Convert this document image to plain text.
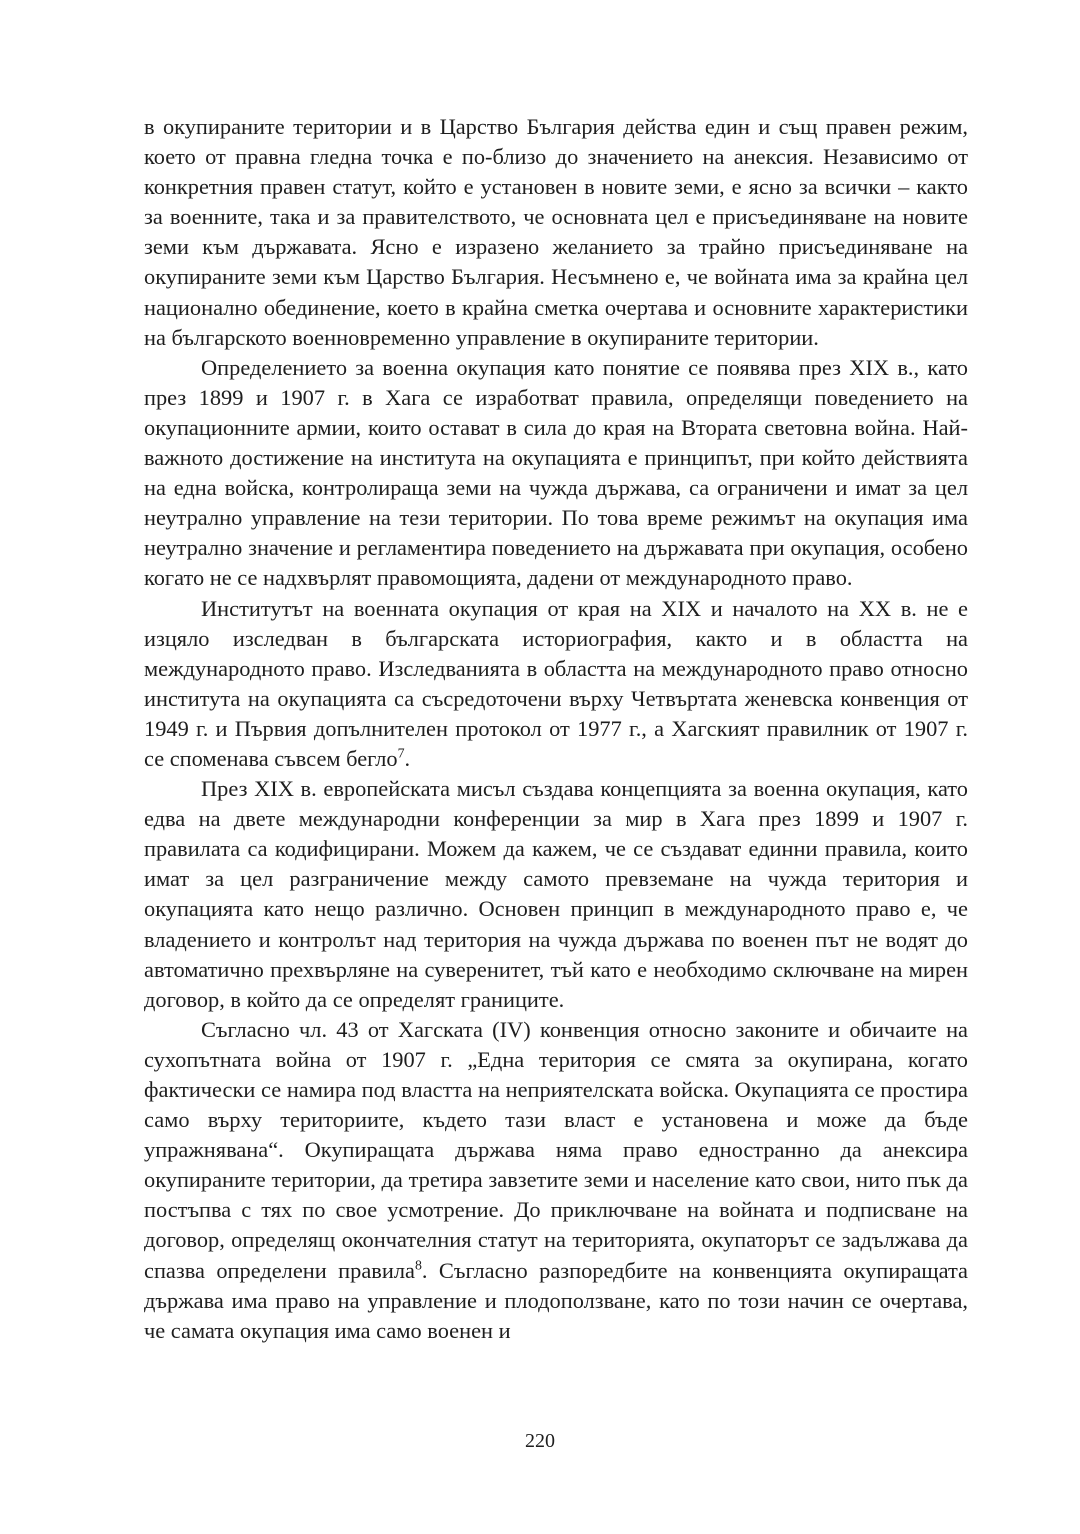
в окупираните територии и в Царство България действа един и същ правен режим, което от правна гледна точка е по-близо до значението на анексия. Независимо от конкретния правен статут, който е установен в новите земи, е ясно за всички – както за военните, така и за правителството, че основната цел е присъединяване на новите земи към държавата. Ясно е изразено желанието за трайно присъединяване на окупираните земи към Царство България. Несъмнено е, че войната има за крайна цел национално обединение, което в крайна сметка очертава и основните характеристики на българското военновременно управление в окупираните територии.

Определението за военна окупация като понятие се появява през XIX в., като през 1899 и 1907 г. в Хага се изработват правила, определящи поведението на окупационните армии, които остават в сила до края на Втората световна война. Най-важното достижение на института на окупацията е принципът, при който действията на една войска, контролираща земи на чужда държава, са ограничени и имат за цел неутрално управление на тези територии. По това време режимът на окупация има неутрално значение и регламентира поведението на държавата при окупация, особено когато не се надхвърлят правомощията, дадени от международното право.

Институтът на военната окупация от края на XIX и началото на XX в. не е изцяло изследван в българската историография, както и в областта на международното право. Изследванията в областта на международното право относно института на окупацията са съсредоточени върху Четвъртата женевска конвенция от 1949 г. и Първия допълнителен протокол от 1977 г., а Хагският правилник от 1907 г. се споменава съвсем бегло$^7$.

През XIX в. европейската мисъл създава концепцията за военна окупация, като едва на двете международни конференции за мир в Хага през 1899 и 1907 г. правилата са кодифицирани. Можем да кажем, че се създават единни правила, които имат за цел разграничение между самото превземане на чужда територия и окупацията като нещо различно. Основен принцип в международното право е, че владението и контролът над територия на чужда държава по военен път не водят до автоматично прехвърляне на суверенитет, тъй като е необходимо сключване на мирен договор, в който да се определят границите.

Съгласно чл. 43 от Хагската (IV) конвенция относно законите и обичаите на сухопътната война от 1907 г. „Една територия се смята за окупирана, когато фактически се намира под властта на неприятелската войска. Окупацията се простира само върху териториите, където тази власт е установена и може да бъде упражнявана“. Окупиращата държава няма право едностранно да анексира окупираните територии, да третира завзетите земи и население като свои, нито пък да постъпва с тях по свое усмотрение. До приключване на войната и подписване на договор, определящ окончателния статут на територията, окупаторът се задължава да спазва определени правила$^8$. Съгласно разпоредбите на конвенцията окупиращата държава има право на управление и плодоползване, като по този начин се очертава, че самата окупация има само военен и

220
